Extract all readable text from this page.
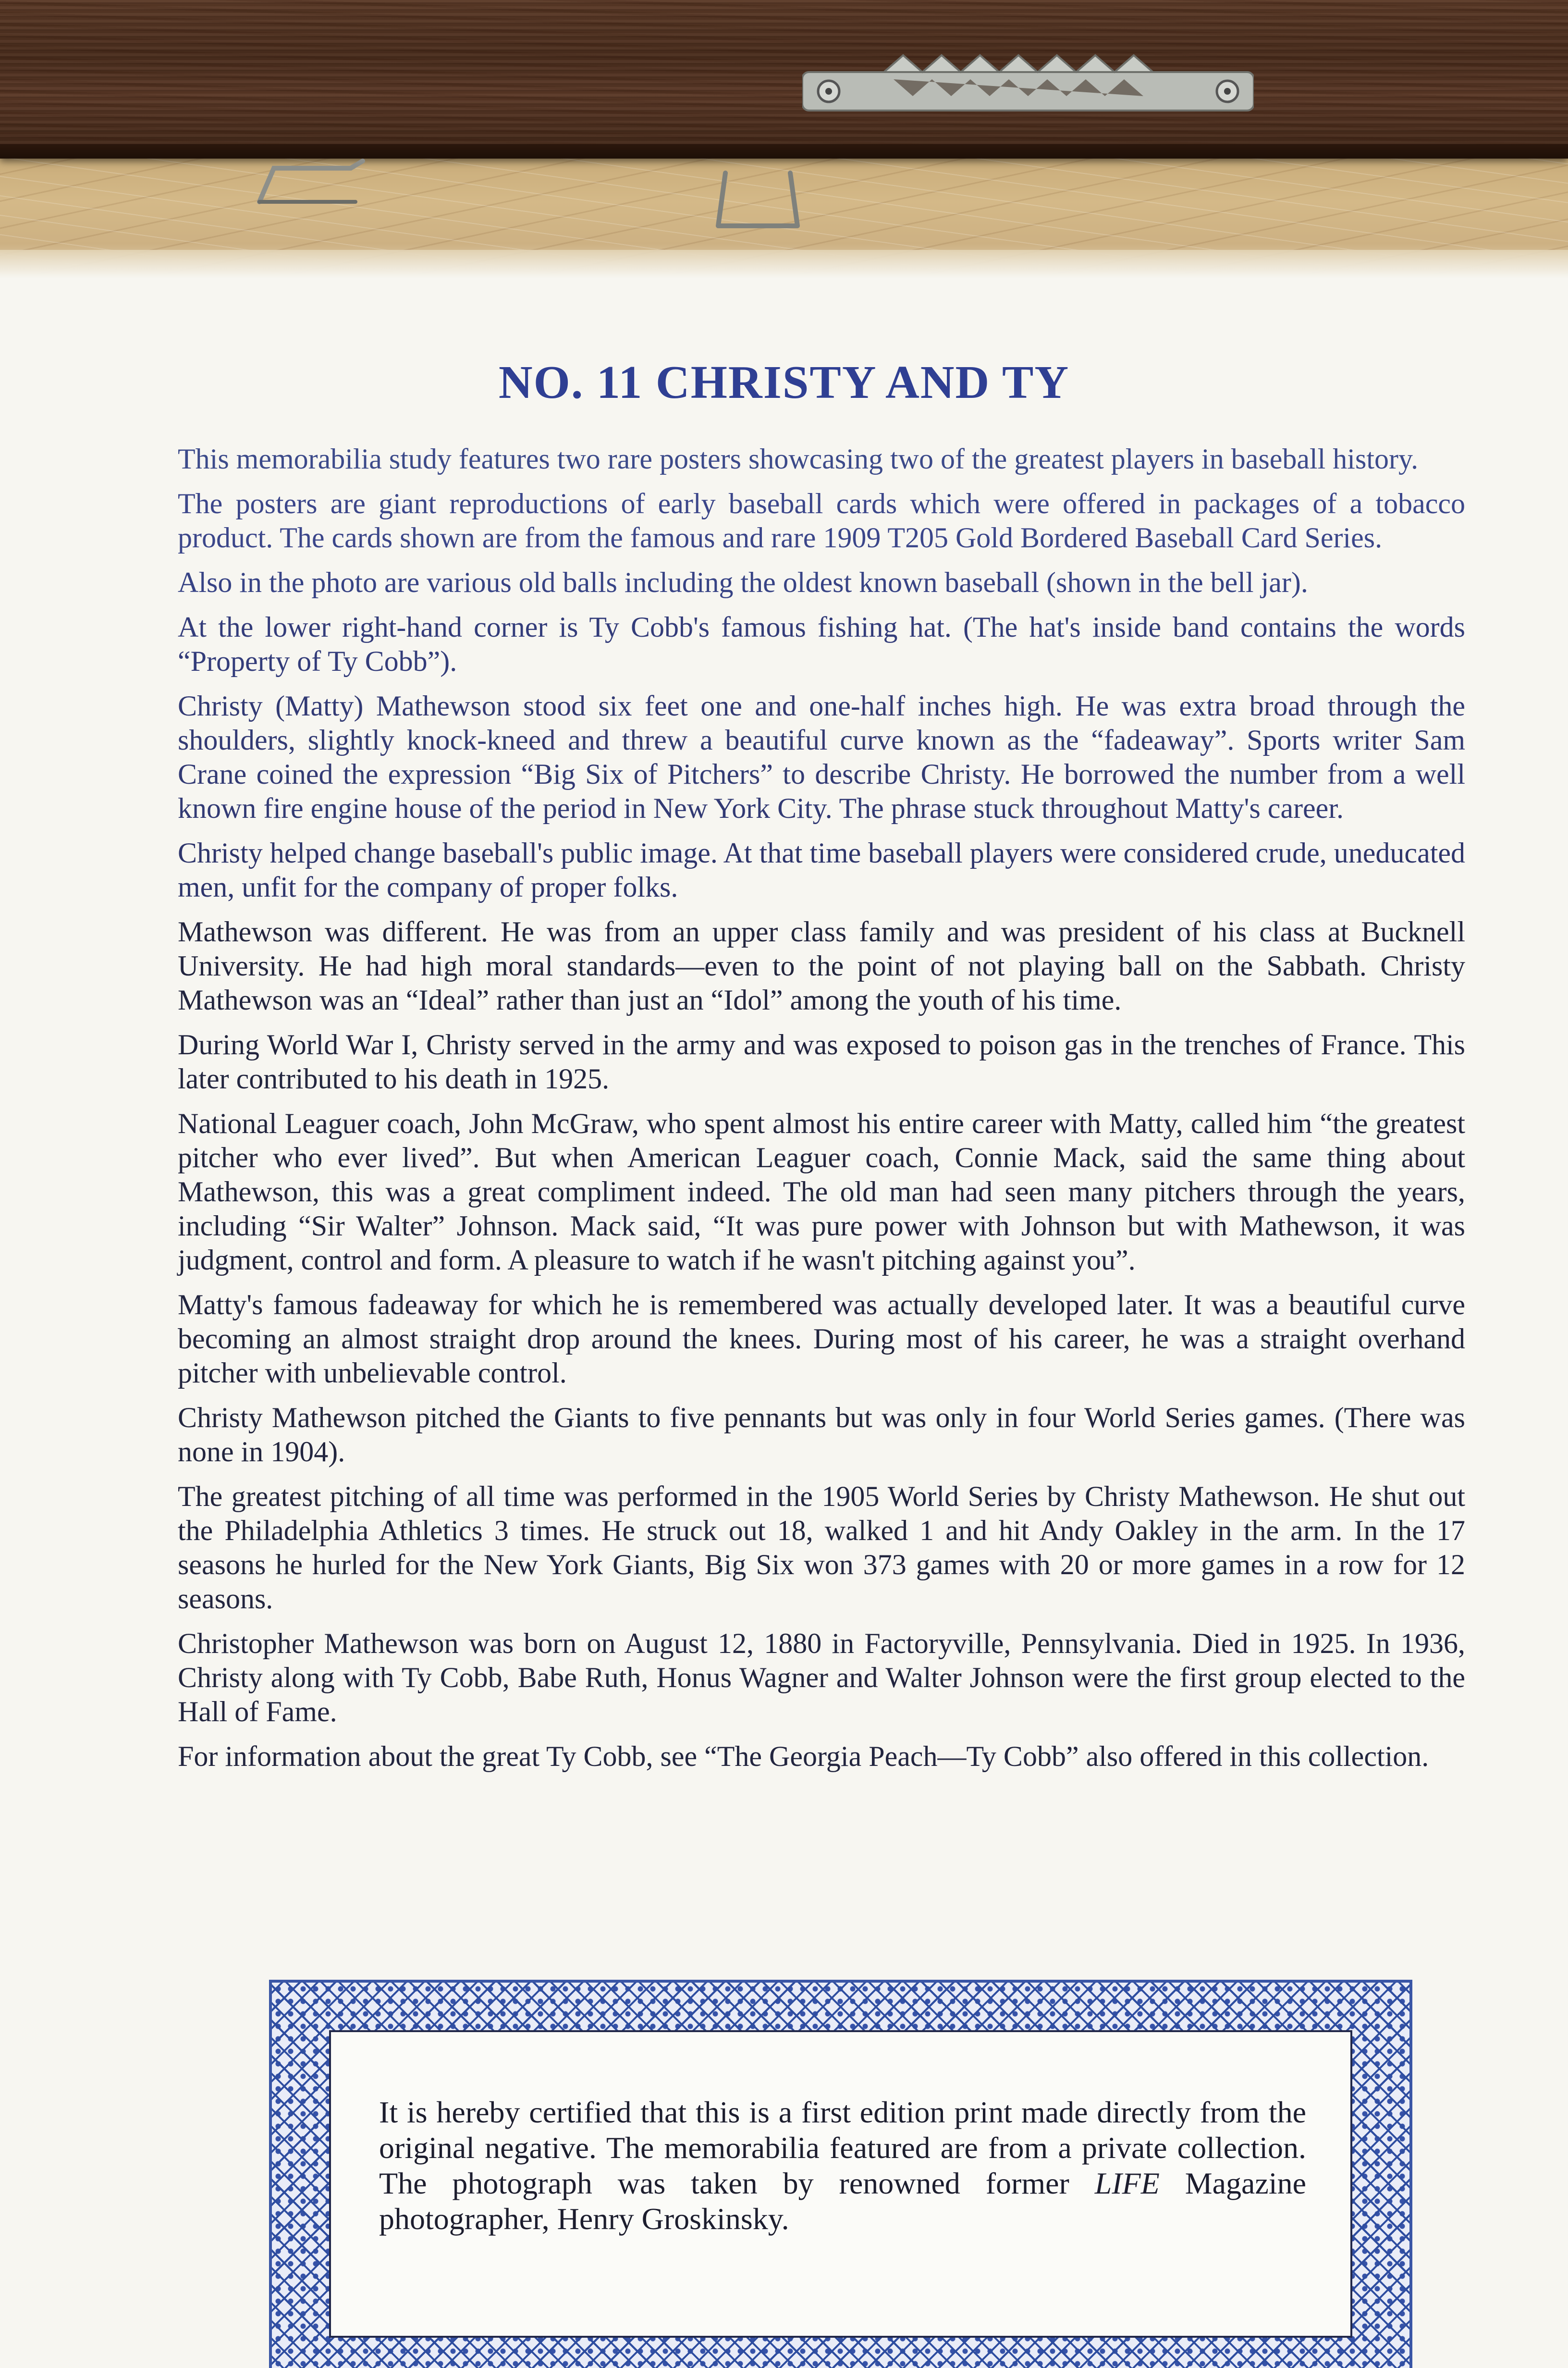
NO. 11 CHRISTY AND TY

This memorabilia study features two rare posters showcasing two of the greatest players in baseball history.

The posters are giant reproductions of early baseball cards which were offered in packages of a tobacco product. The cards shown are from the famous and rare 1909 T205 Gold Bordered Baseball Card Series.

Also in the photo are various old balls including the oldest known baseball (shown in the bell jar).

At the lower right-hand corner is Ty Cobb's famous fishing hat. (The hat's inside band contains the words “Property of Ty Cobb”).

Christy (Matty) Mathewson stood six feet one and one-half inches high. He was extra broad through the shoulders, slightly knock-kneed and threw a beautiful curve known as the “fadeaway”. Sports writer Sam Crane coined the expression “Big Six of Pitchers” to describe Christy. He borrowed the number from a well known fire engine house of the period in New York City. The phrase stuck throughout Matty's career.

Christy helped change baseball's public image. At that time baseball players were considered crude, uneducated men, unfit for the company of proper folks.

Mathewson was different. He was from an upper class family and was president of his class at Bucknell University. He had high moral standards—even to the point of not playing ball on the Sabbath. Christy Mathewson was an “Ideal” rather than just an “Idol” among the youth of his time.

During World War I, Christy served in the army and was exposed to poison gas in the trenches of France. This later contributed to his death in 1925.

National Leaguer coach, John McGraw, who spent almost his entire career with Matty, called him “the greatest pitcher who ever lived”. But when American Leaguer coach, Connie Mack, said the same thing about Mathewson, this was a great compliment indeed. The old man had seen many pitchers through the years, including “Sir Walter” Johnson. Mack said, “It was pure power with Johnson but with Mathewson, it was judgment, control and form. A pleasure to watch if he wasn't pitching against you”.

Matty's famous fadeaway for which he is remembered was actually developed later. It was a beautiful curve becoming an almost straight drop around the knees. During most of his career, he was a straight overhand pitcher with unbelievable control.

Christy Mathewson pitched the Giants to five pennants but was only in four World Series games. (There was none in 1904).

The greatest pitching of all time was performed in the 1905 World Series by Christy Mathewson. He shut out the Philadelphia Athletics 3 times. He struck out 18, walked 1 and hit Andy Oakley in the arm. In the 17 seasons he hurled for the New York Giants, Big Six won 373 games with 20 or more games in a row for 12 seasons.

Christopher Mathewson was born on August 12, 1880 in Factoryville, Pennsylvania. Died in 1925. In 1936, Christy along with Ty Cobb, Babe Ruth, Honus Wagner and Walter Johnson were the first group elected to the Hall of Fame.

For information about the great Ty Cobb, see “The Georgia Peach—Ty Cobb” also offered in this collection.

It is hereby certified that this is a first edition print made directly from the original negative. The memorabilia featured are from a private collection. The photograph was taken by renowned former LIFE Magazine photographer, Henry Groskinsky.
